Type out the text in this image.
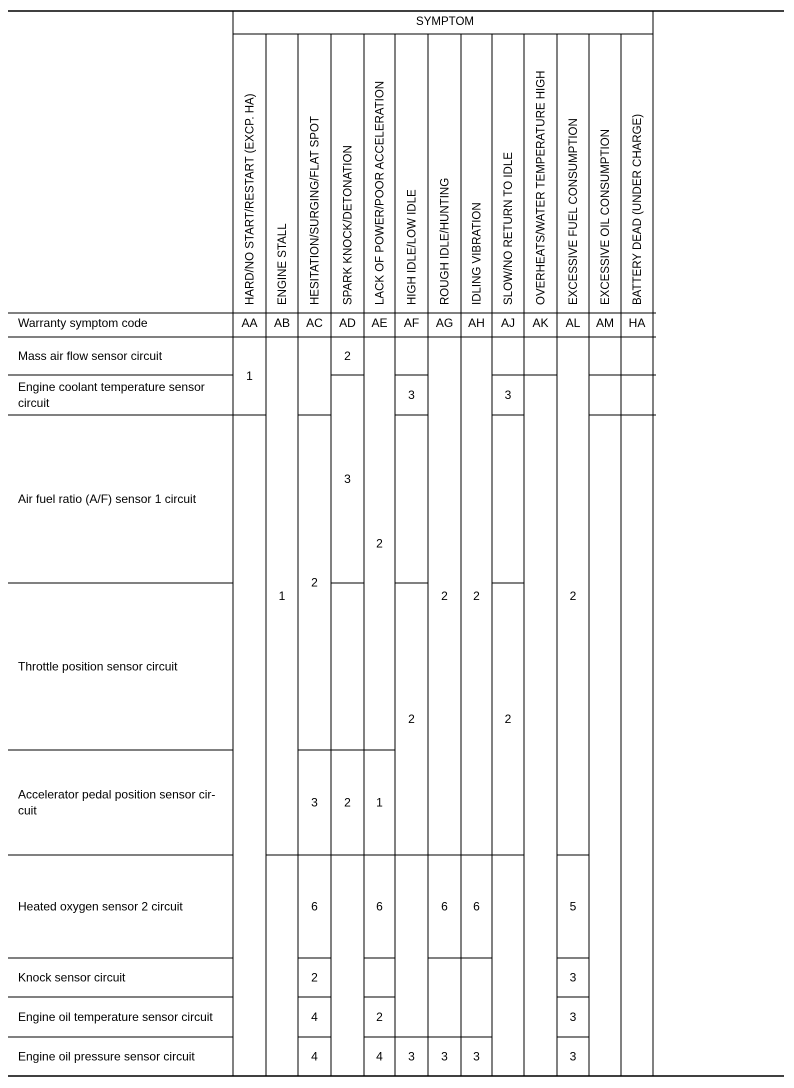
SYMPTOM
HARD/NO START/RESTART (EXCP. HA) ENGINE STALL HESITATION/SURGING/FLAT SPOT SPARK KNOCK/DETONATION LACK OF POWER/POOR ACCELERATION HIGH IDLE/LOW IDLE ROUGH IDLE/HUNTING IDLING VIBRATION SLOW/NO RETURN TO IDLE OVERHEATS/WATER TEMPERATURE HIGH EXCESSIVE FUEL CONSUMPTION EXCESSIVE OIL CONSUMPTION BATTERY DEAD (UNDER CHARGE)
Warranty symptom code	AA AB AC AD AE AF AG AH AJ AK AL AM HA
Mass air flow sensor circuit
Engine coolant temperature sensor
circuit
Air fuel ratio (A/F) sensor 1 circuit
Throttle position sensor circuit
Accelerator pedal position sensor cir-
cuit
Heated oxygen sensor 2 circuit
Knock sensor circuit
Engine oil temperature sensor circuit
Engine oil pressure sensor circuit
1
1
2
3
6
2
4
4
2
3
2
2
1
6
2
4
3
2
3
2
6
3
2
6
3
3
2
2
5
3
3
3
